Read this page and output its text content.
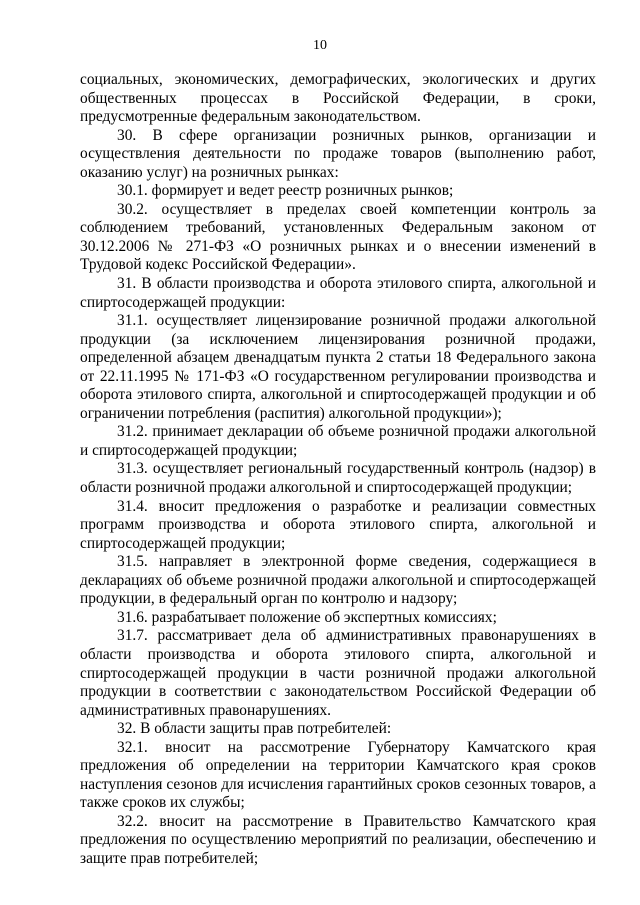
10

социальных, экономических, демографических, экологических и других общественных процессах в Российской Федерации, в сроки, предусмотренные федеральным законодательством.

30. В сфере организации розничных рынков, организации и осуществления деятельности по продаже товаров (выполнению работ, оказанию услуг) на розничных рынках:

30.1. формирует и ведет реестр розничных рынков;

30.2. осуществляет в пределах своей компетенции контроль за соблюдением требований, установленных Федеральным законом от 30.12.2006 № 271-ФЗ «О розничных рынках и о внесении изменений в Трудовой кодекс Российской Федерации».

31. В области производства и оборота этилового спирта, алкогольной и спиртосодержащей продукции:

31.1. осуществляет лицензирование розничной продажи алкогольной продукции (за исключением лицензирования розничной продажи, определенной абзацем двенадцатым пункта 2 статьи 18 Федерального закона от 22.11.1995 № 171-ФЗ «О государственном регулировании производства и оборота этилового спирта, алкогольной и спиртосодержащей продукции и об ограничении потребления (распития) алкогольной продукции»);

31.2. принимает декларации об объеме розничной продажи алкогольной и спиртосодержащей продукции;

31.3. осуществляет региональный государственный контроль (надзор) в области розничной продажи алкогольной и спиртосодержащей продукции;

31.4. вносит предложения о разработке и реализации совместных программ производства и оборота этилового спирта, алкогольной и спиртосодержащей продукции;

31.5. направляет в электронной форме сведения, содержащиеся в декларациях об объеме розничной продажи алкогольной и спиртосодержащей продукции, в федеральный орган по контролю и надзору;

31.6. разрабатывает положение об экспертных комиссиях;

31.7. рассматривает дела об административных правонарушениях в области производства и оборота этилового спирта, алкогольной и спиртосодержащей продукции в части розничной продажи алкогольной продукции в соответствии с законодательством Российской Федерации об административных правонарушениях.

32. В области защиты прав потребителей:

32.1. вносит на рассмотрение Губернатору Камчатского края предложения об определении на территории Камчатского края сроков наступления сезонов для исчисления гарантийных сроков сезонных товаров, а также сроков их службы;

32.2. вносит на рассмотрение в Правительство Камчатского края предложения по осуществлению мероприятий по реализации, обеспечению и защите прав потребителей;
